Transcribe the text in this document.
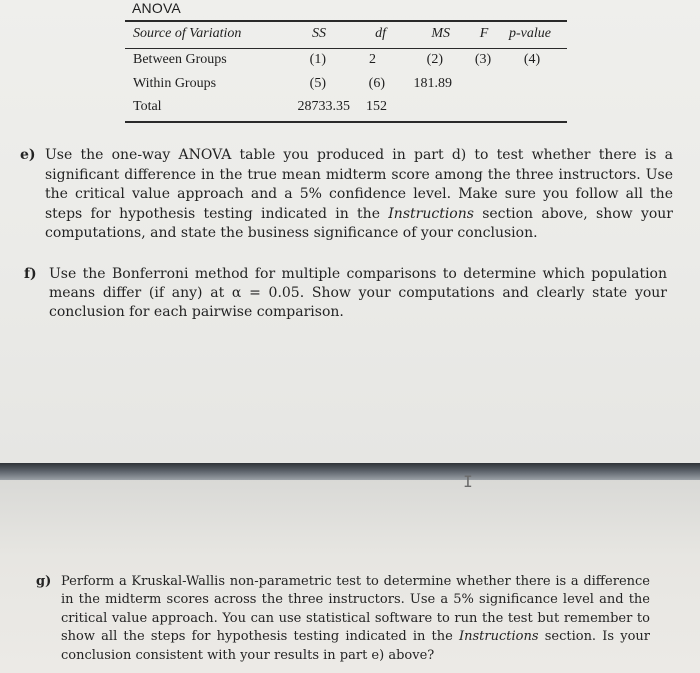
I
ANOVA
Source of Variation	SS	df	MS	F	p-value
Between Groups	(1)	2	(2)	(3)	(4)
Within Groups	(5)	(6)	181.89
Total	28733.35	152
e) Use the one-way ANOVA table you produced in part d) to test whether there is a significant difference in the true mean midterm score among the three instructors. Use the critical value approach and a 5% confidence level. Make sure you follow all the steps for hypothesis testing indicated in the Instructions section above, show your computations, and state the business significance of your conclusion.
f) Use the Bonferroni method for multiple comparisons to determine which population means differ (if any) at α = 0.05. Show your computations and clearly state your conclusion for each pairwise comparison.
g) Perform a Kruskal-Wallis non-parametric test to determine whether there is a difference in the midterm scores across the three instructors. Use a 5% significance level and the critical value approach. You can use statistical software to run the test but remember to show all the steps for hypothesis testing indicated in the Instructions section. Is your conclusion consistent with your results in part e) above?
